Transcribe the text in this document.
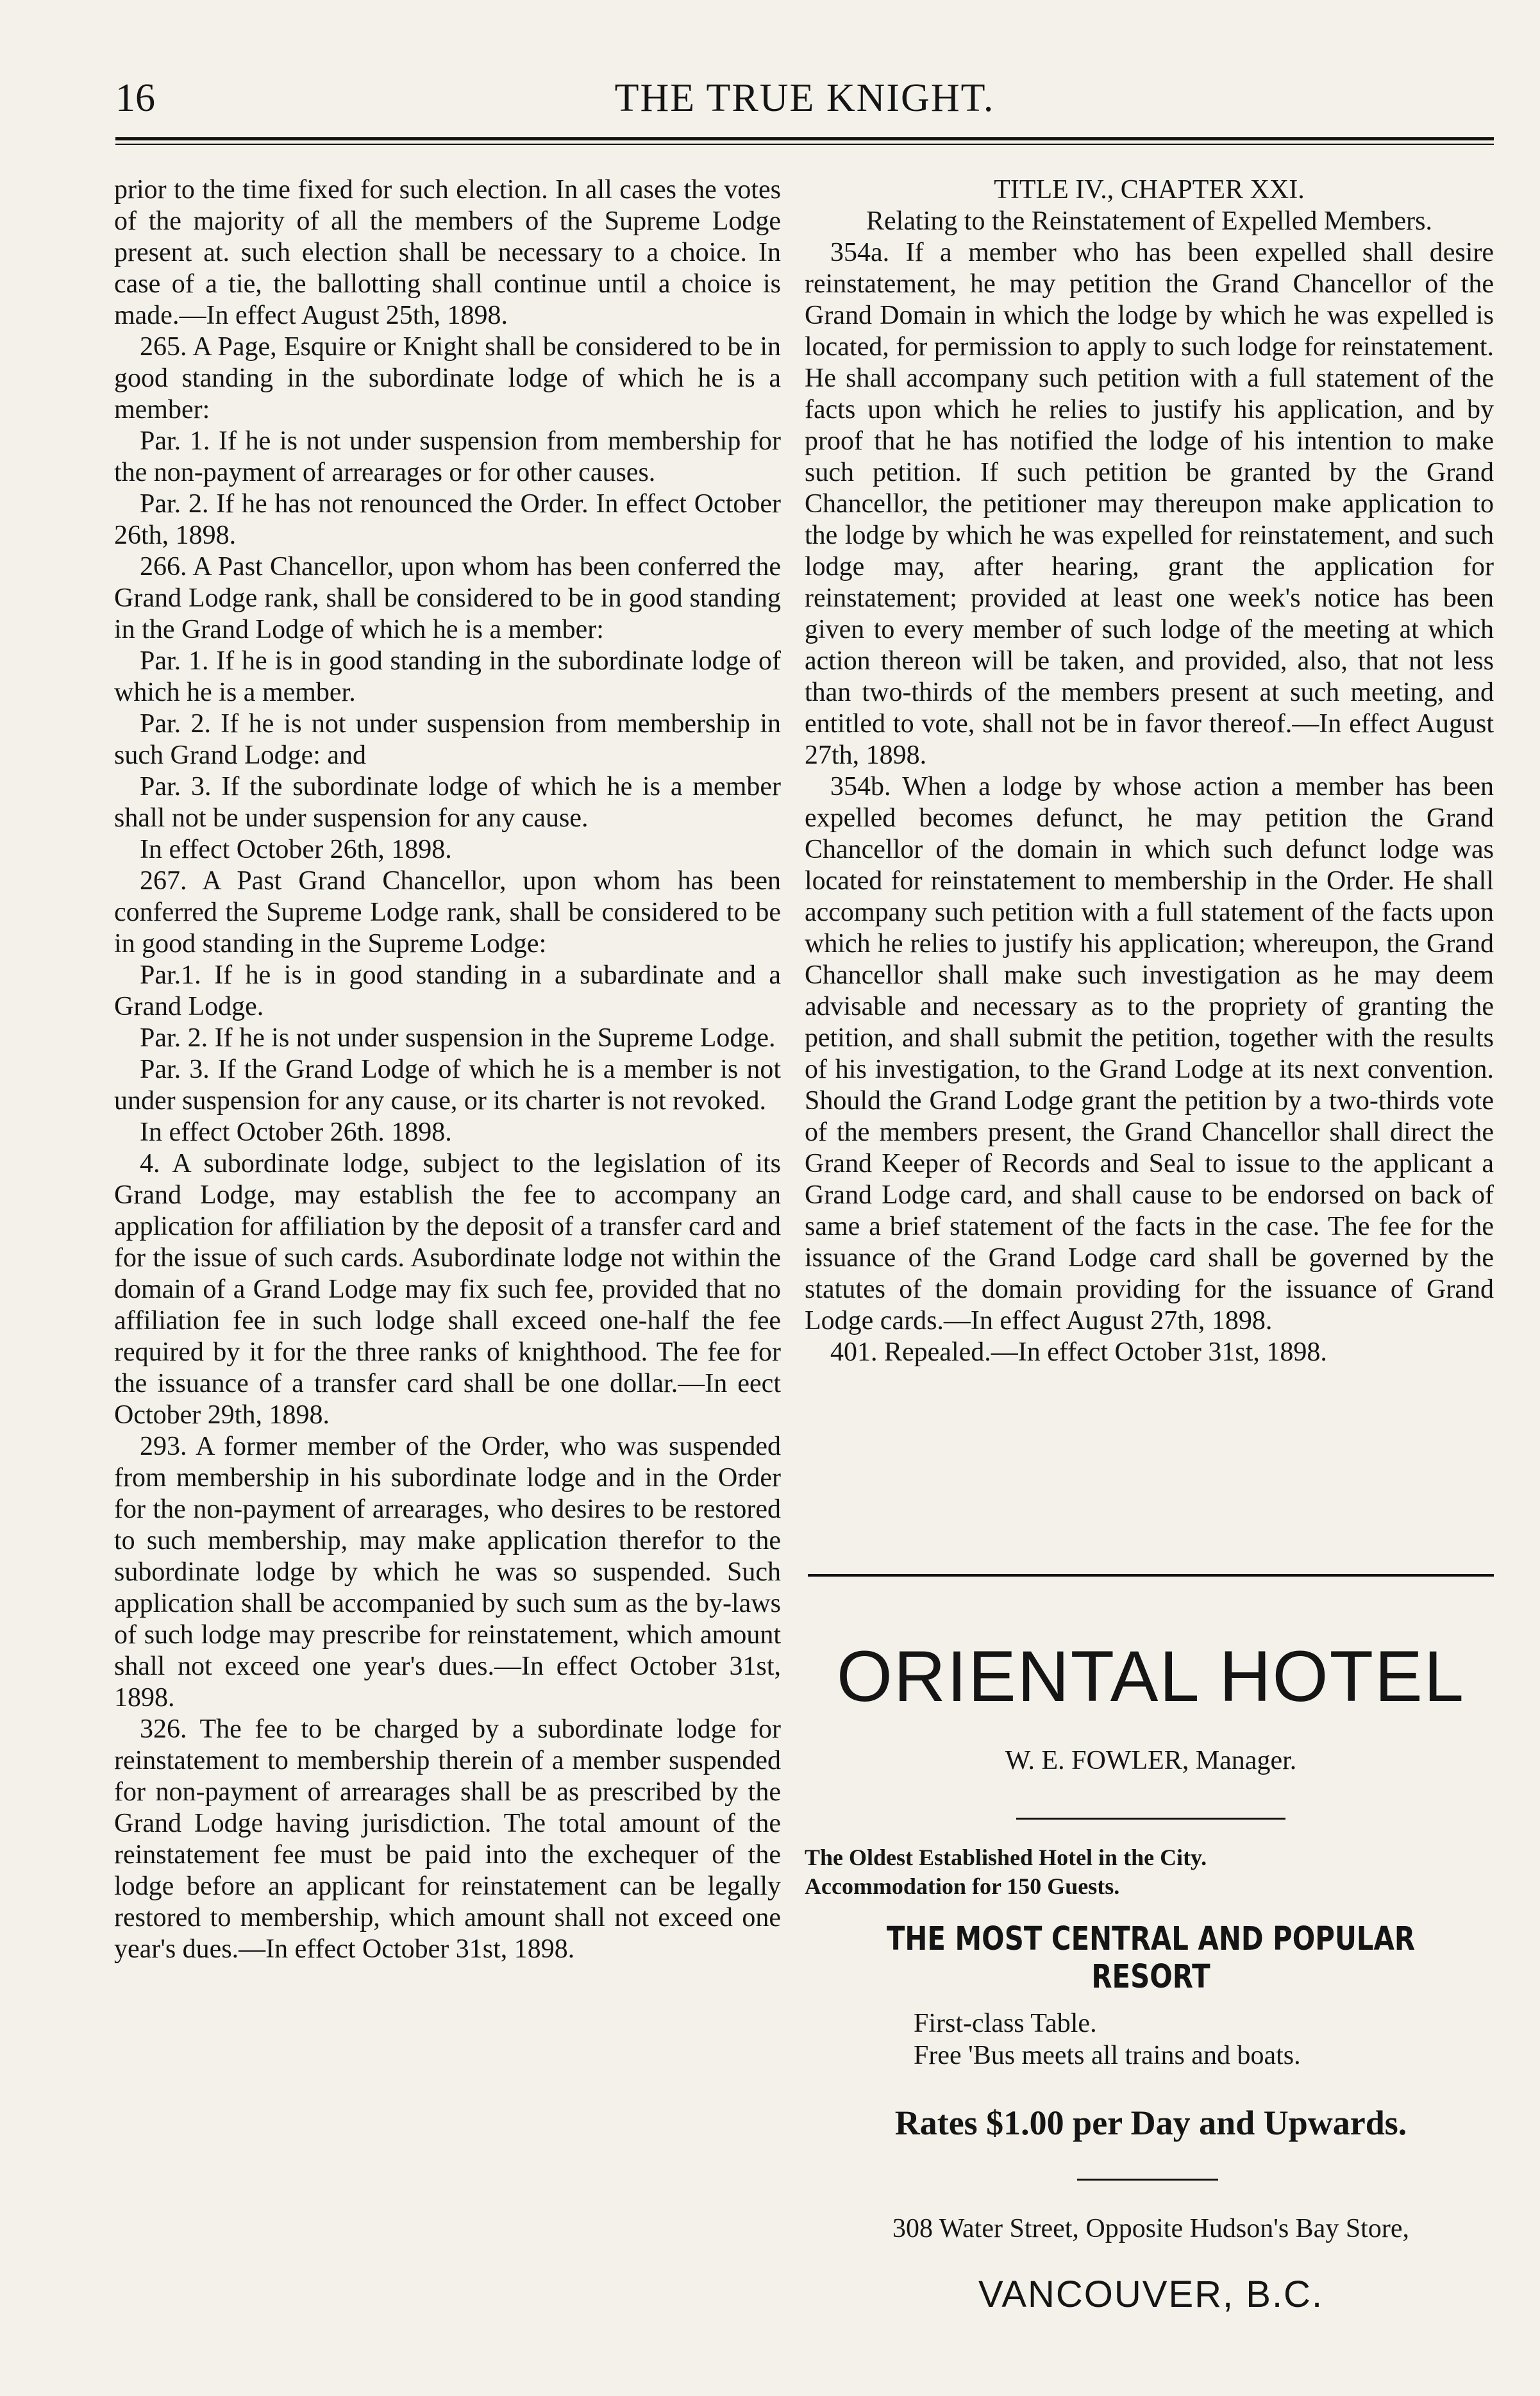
16	THE TRUE KNIGHT.

prior to the time fixed for such election. In all cases the votes of the majority of all the members of the Supreme Lodge present at. such election shall be necessary to a choice. In case of a tie, the ballotting shall continue until a choice is made.—In effect August 25th, 1898.

265. A Page, Esquire or Knight shall be considered to be in good standing in the subordinate lodge of which he is a member:

Par. 1. If he is not under suspension from membership for the non-payment of arrearages or for other causes.

Par. 2. If he has not renounced the Order. In effect October 26th, 1898.

266. A Past Chancellor, upon whom has been conferred the Grand Lodge rank, shall be considered to be in good standing in the Grand Lodge of which he is a member:

Par. 1. If he is in good standing in the subordinate lodge of which he is a member.

Par. 2. If he is not under suspension from membership in such Grand Lodge: and

Par. 3. If the subordinate lodge of which he is a member shall not be under suspension for any cause.

In effect October 26th, 1898.

267. A Past Grand Chancellor, upon whom has been conferred the Supreme Lodge rank, shall be considered to be in good standing in the Supreme Lodge:

Par.1. If he is in good standing in a subardinate and a Grand Lodge.

Par. 2. If he is not under suspension in the Supreme Lodge.

Par. 3. If the Grand Lodge of which he is a member is not under suspension for any cause, or its charter is not revoked.

In effect October 26th. 1898.

4. A subordinate lodge, subject to the legislation of its Grand Lodge, may establish the fee to accompany an application for affiliation by the deposit of a transfer card and for the issue of such cards. Asubordinate lodge not within the domain of a Grand Lodge may fix such fee, provided that no affiliation fee in such lodge shall exceed one-half the fee required by it for the three ranks of knighthood. The fee for the issuance of a transfer card shall be one dollar.—In eect October 29th, 1898.

293. A former member of the Order, who was suspended from membership in his subordinate lodge and in the Order for the non-payment of arrearages, who desires to be restored to such membership, may make application therefor to the subordinate lodge by which he was so suspended. Such application shall be accompanied by such sum as the by-laws of such lodge may prescribe for reinstatement, which amount shall not exceed one year's dues.—In effect October 31st, 1898.

326. The fee to be charged by a subordinate lodge for reinstatement to membership therein of a member suspended for non-payment of arrearages shall be as prescribed by the Grand Lodge having jurisdiction. The total amount of the reinstatement fee must be paid into the exchequer of the lodge before an applicant for reinstatement can be legally restored to membership, which amount shall not exceed one year's dues.—In effect October 31st, 1898.

TITLE IV., CHAPTER XXI.

Relating to the Reinstatement of Expelled Members.

354a. If a member who has been expelled shall desire reinstatement, he may petition the Grand Chancellor of the Grand Domain in which the lodge by which he was expelled is located, for permission to apply to such lodge for reinstatement. He shall accompany such petition with a full statement of the facts upon which he relies to justify his application, and by proof that he has notified the lodge of his intention to make such petition. If such petition be granted by the Grand Chancellor, the petitioner may thereupon make application to the lodge by which he was expelled for reinstatement, and such lodge may, after hearing, grant the application for reinstatement; provided at least one week's notice has been given to every member of such lodge of the meeting at which action thereon will be taken, and provided, also, that not less than two-thirds of the members present at such meeting, and entitled to vote, shall not be in favor thereof.—In effect August 27th, 1898.

354b. When a lodge by whose action a member has been expelled becomes defunct, he may petition the Grand Chancellor of the domain in which such defunct lodge was located for reinstatement to membership in the Order. He shall accompany such petition with a full statement of the facts upon which he relies to justify his application; whereupon, the Grand Chancellor shall make such investigation as he may deem advisable and necessary as to the propriety of granting the petition, and shall submit the petition, together with the results of his investigation, to the Grand Lodge at its next convention. Should the Grand Lodge grant the petition by a two-thirds vote of the members present, the Grand Chancellor shall direct the Grand Keeper of Records and Seal to issue to the applicant a Grand Lodge card, and shall cause to be endorsed on back of same a brief statement of the facts in the case. The fee for the issuance of the Grand Lodge card shall be governed by the statutes of the domain providing for the issuance of Grand Lodge cards.—In effect August 27th, 1898.

401. Repealed.—In effect October 31st, 1898.

ORIENTAL HOTEL
W. E. FOWLER, Manager.
The Oldest Established Hotel in the City.
Accommodation for 150 Guests.
THE MOST CENTRAL AND POPULAR RESORT
First-class Table.
Free 'Bus meets all trains and boats.
Rates $1.00 per Day and Upwards.
308 Water Street, Opposite Hudson's Bay Store,
VANCOUVER, B.C.
